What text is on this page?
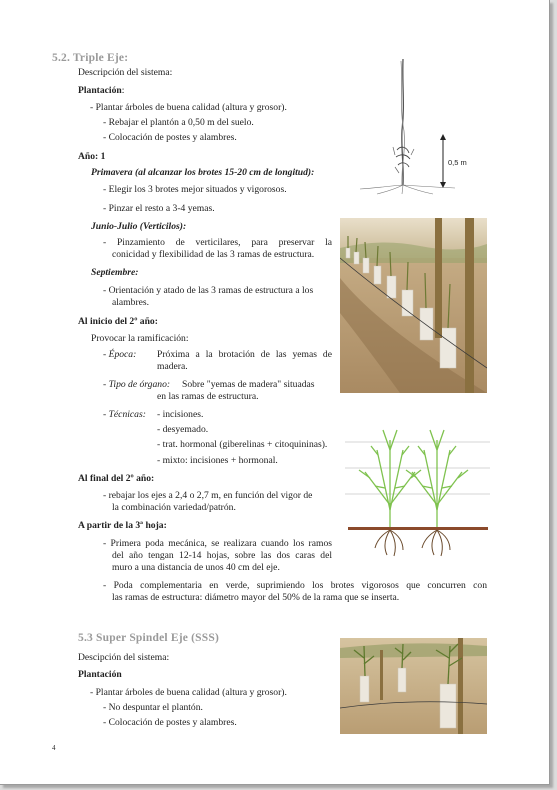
5.2. Triple Eje:
Descripción del sistema:
Plantación:
- Plantar árboles de buena calidad (altura y grosor).
- Rebajar el plantón a 0,50 m del suelo.
- Colocación de postes y alambres.
Año: 1
Primavera (al alcanzar los brotes 15-20 cm de longitud):
- Elegir los 3 brotes mejor situados y vigorosos.
- Pinzar el resto a 3-4 yemas.
Junio-Julio (Verticilos):
- Pinzamiento de verticilares, para preservar la
conicidad y flexibilidad de las 3 ramas de estructura.
Septiembre:
- Orientación y atado de las 3 ramas de estructura a los
alambres.
Al inicio del 2º año:
Provocar la ramificación:
- Época: Próxima a la brotación de las yemas de
madera.
- Tipo de órgano: Sobre "yemas de madera" situadas
en las ramas de estructura.
- Técnicas: - incisiones.
- desyemado.
- trat. hormonal (giberelinas + citoquininas).
- mixto: incisiones + hormonal.
Al final del 2º año:
- rebajar los ejes a 2,4 o 2,7 m, en función del vigor de
la combinación variedad/patrón.
A partir de la 3ª hoja:
- Primera poda mecánica, se realizara cuando los ramos
del año tengan 12-14 hojas, sobre las dos caras del
muro a una distancia de unos 40 cm del eje.
- Poda complementaria en verde, suprimiendo los brotes vigorosos que concurren con
las ramas de estructura: diámetro mayor del 50% de la rama que se inserta.
5.3 Super Spindel Eje (SSS)
Descipción del sistema:
Plantación
- Plantar árboles de buena calidad (altura y grosor).
- No despuntar el plantón.
- Colocación de postes y alambres.
0,5 m
4
